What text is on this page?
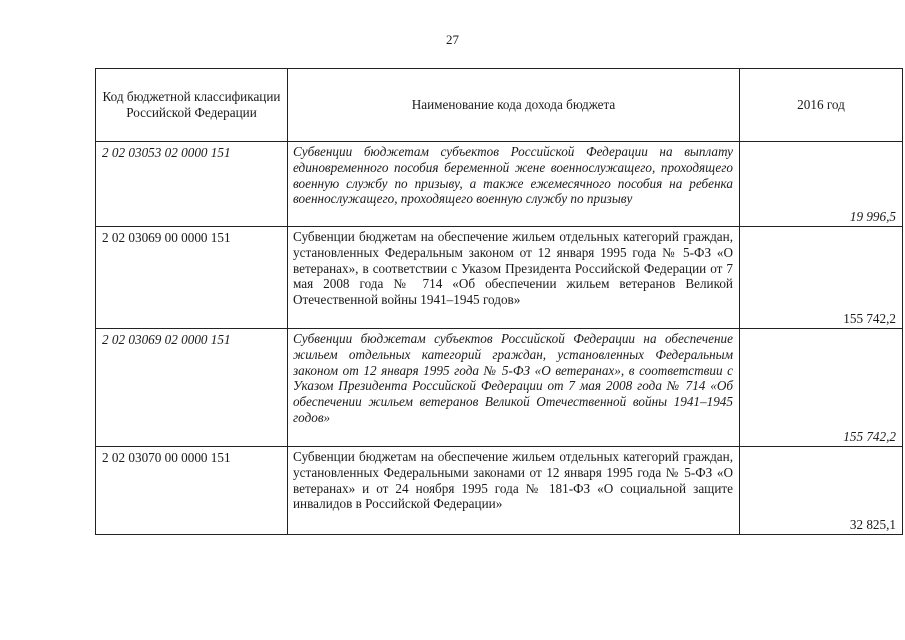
27
Код бюджетной классификации Российской Федерации	Наименование кода дохода бюджета	2016 год
2 02 03053 02 0000 151	Субвенции бюджетам субъектов Российской Федерации на выплату единовременного пособия беременной жене военнослужащего, проходящего военную службу по призыву, а также ежемесячного пособия на ребенка военнослужащего, проходящего военную службу по призыву	19 996,5
2 02 03069 00 0000 151	Субвенции бюджетам на обеспечение жильем отдельных категорий граждан, установленных Федеральным законом от 12 января 1995 года № 5-ФЗ «О ветеранах», в соответствии с Указом Президента Российской Федерации от 7 мая 2008 года № 714 «Об обеспечении жильем ветеранов Великой Отечественной войны 1941–1945 годов»	155 742,2
2 02 03069 02 0000 151	Субвенции бюджетам субъектов Российской Федерации на обеспечение жильем отдельных категорий граждан, установленных Федеральным законом от 12 января 1995 года № 5-ФЗ «О ветеранах», в соответствии с Указом Президента Российской Федерации от 7 мая 2008 года № 714 «Об обеспечении жильем ветеранов Великой Отечественной войны 1941–1945 годов»	155 742,2
2 02 03070 00 0000 151	Субвенции бюджетам на обеспечение жильем отдельных категорий граждан, установленных Федеральными законами от 12 января 1995 года № 5-ФЗ «О ветеранах» и от 24 ноября 1995 года № 181-ФЗ «О социальной защите инвалидов в Российской Федерации»	32 825,1
